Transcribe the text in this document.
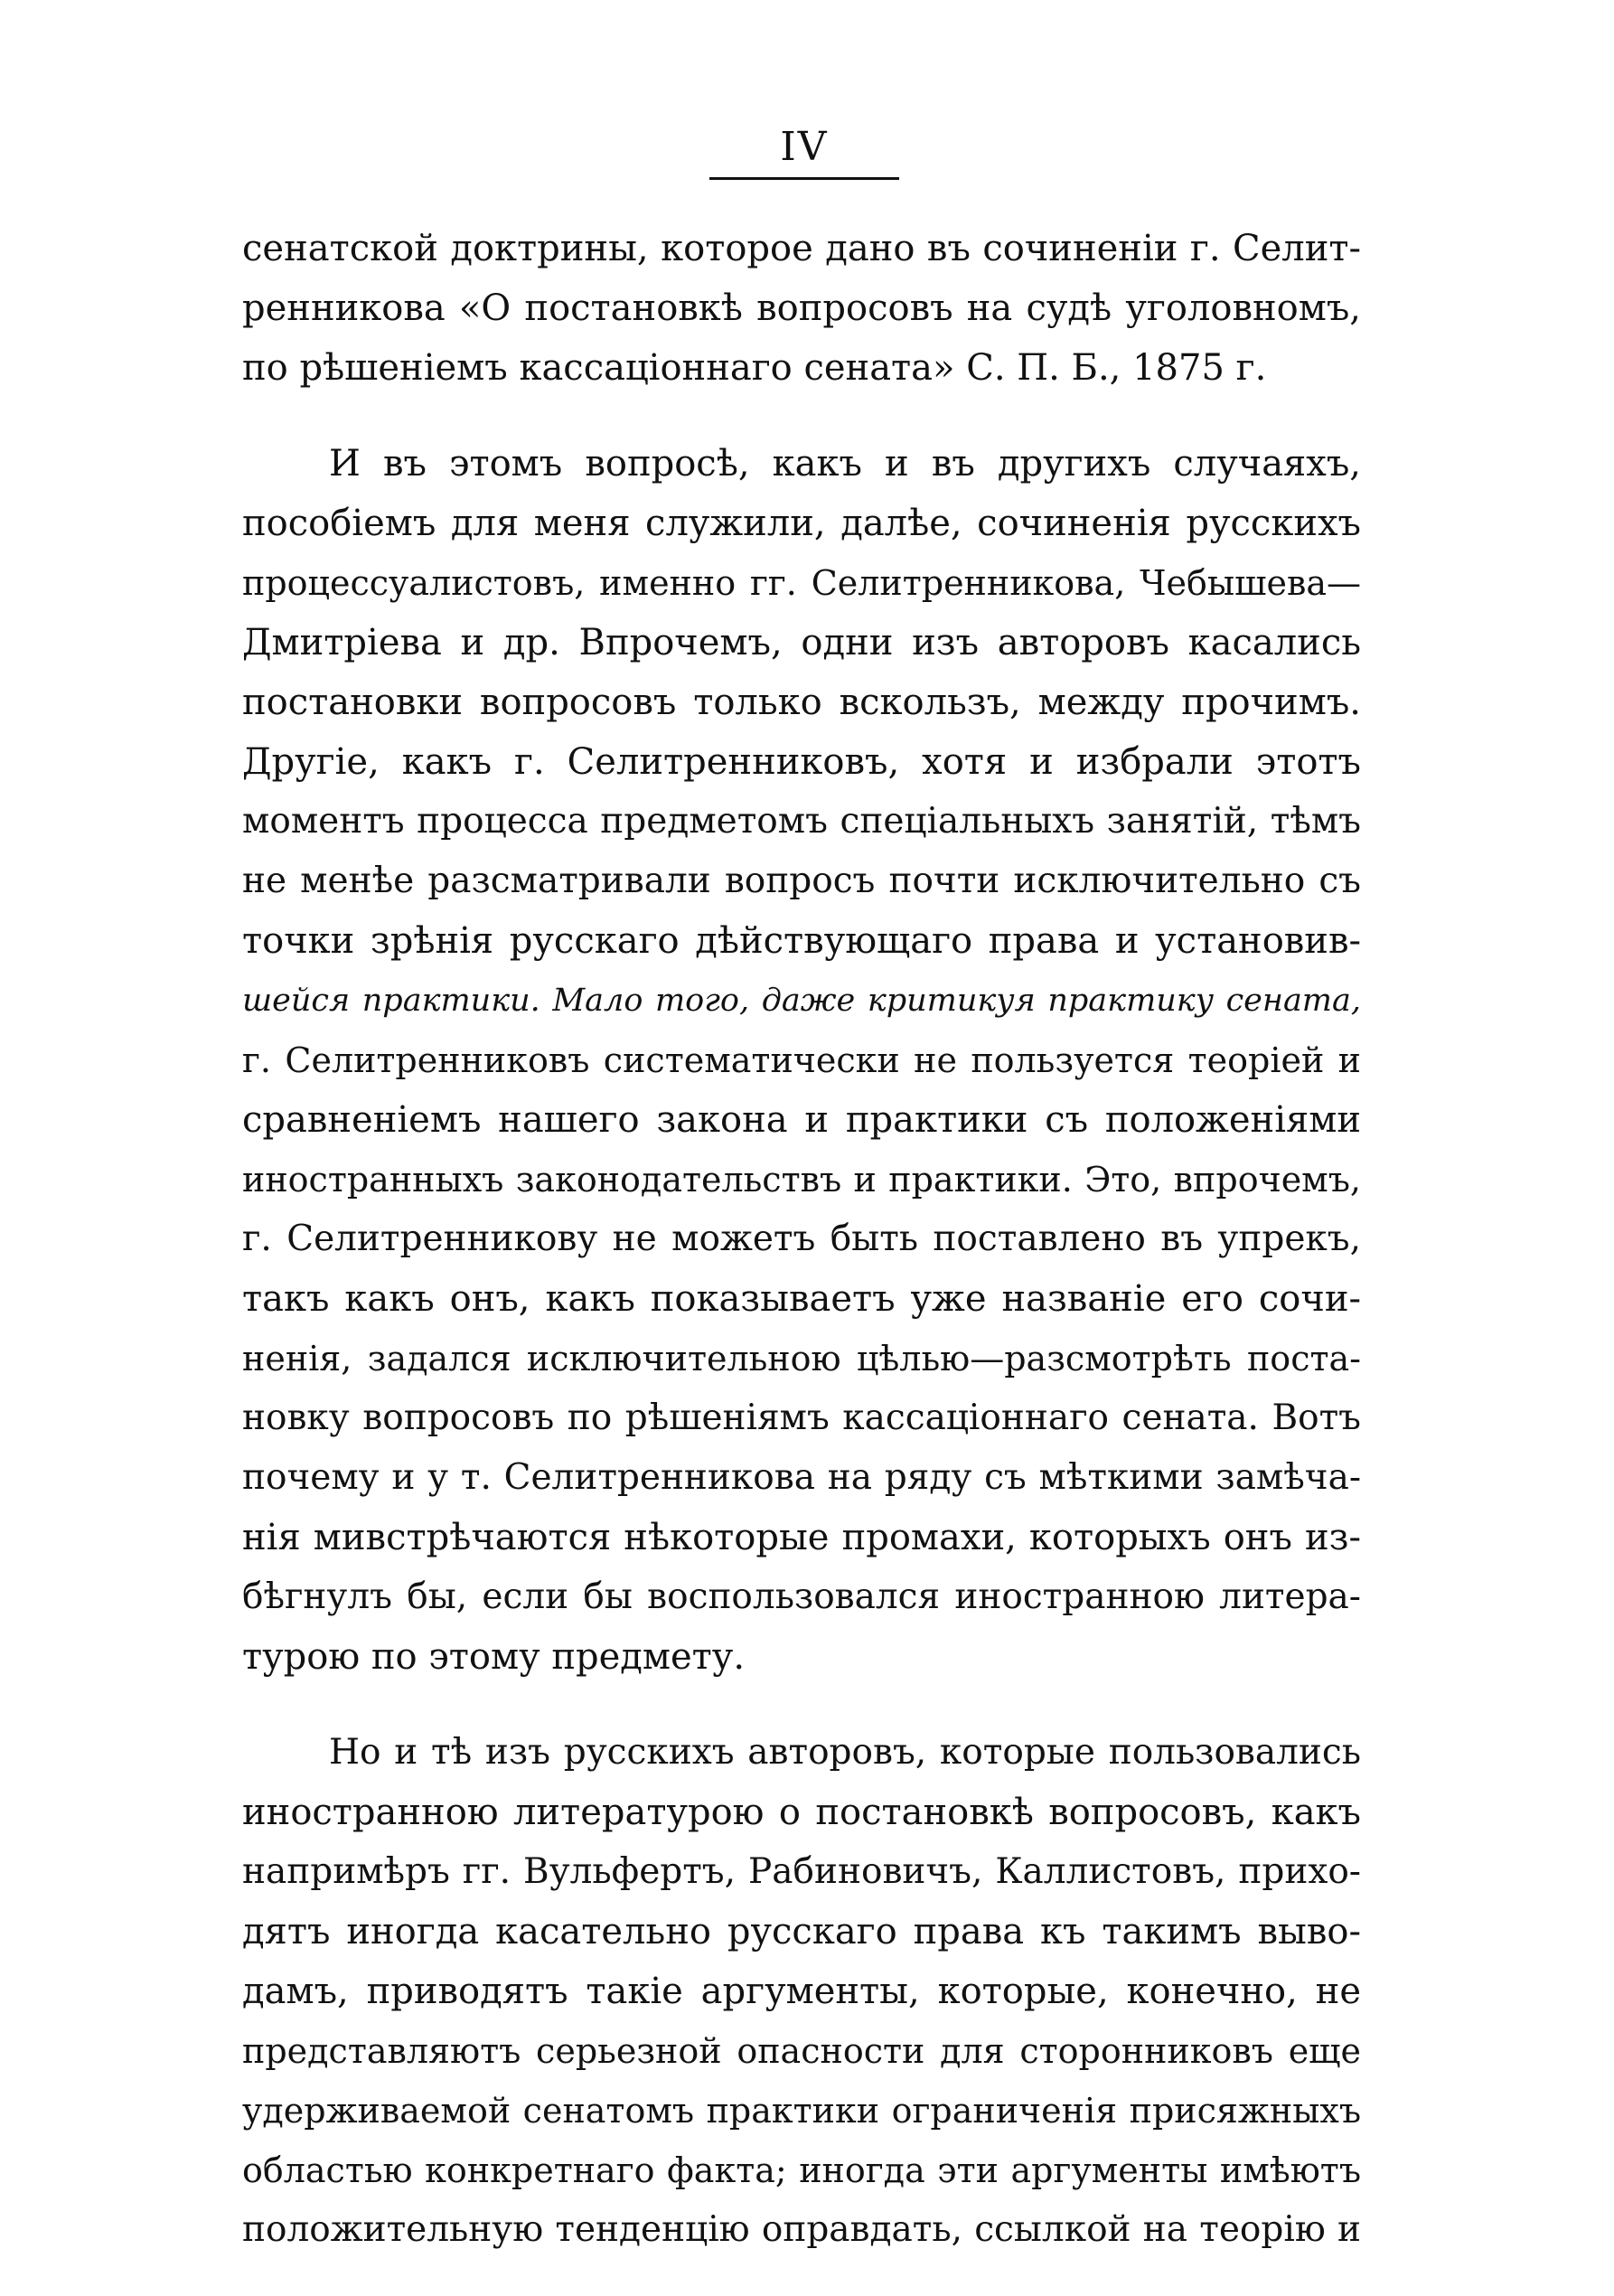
IV
сенатской доктрины, которое дано въ сочиненіи г. Селит-
ренникова «О постановкѣ вопросовъ на судѣ уголовномъ,
по рѣшеніемъ кассаціоннаго сената» С. П. Б., 1875 г.
И въ этомъ вопросѣ, какъ и въ другихъ случаяхъ,
пособіемъ для меня служили, далѣе, сочиненія русскихъ
процессуалистовъ, именно гг. Селитренникова, Чебышева—
Дмитріева и др. Впрочемъ, одни изъ авторовъ касались
постановки вопросовъ только вскользъ, между прочимъ.
Другіе, какъ г. Селитренниковъ, хотя и избрали этотъ
моментъ процесса предметомъ спеціальныхъ занятій, тѣмъ
не менѣе разсматривали вопросъ почти исключительно съ
точки зрѣнія русскаго дѣйствующаго права и установив-
шейся практики. Мало того, даже критикуя практику сената,
г. Селитренниковъ систематически не пользуется теоріей и
сравненіемъ нашего закона и практики съ положеніями
иностранныхъ законодательствъ и практики. Это, впрочемъ,
г. Селитренникову не можетъ быть поставлено въ упрекъ,
такъ какъ онъ, какъ показываетъ уже названіе его сочи-
ненія, задался исключительною цѣлью—разсмотрѣть поста-
новку вопросовъ по рѣшеніямъ кассаціоннаго сената. Вотъ
почему и у т. Селитренникова на ряду съ мѣткими замѣча-
нія мивстрѣчаются нѣкоторые промахи, которыхъ онъ из-
бѣгнулъ бы, если бы воспользовался иностранною литера-
турою по этому предмету.
Но и тѣ изъ русскихъ авторовъ, которые пользовались
иностранною литературою о постановкѣ вопросовъ, какъ
напримѣръ гг. Вульфертъ, Рабиновичъ, Каллистовъ, прихо-
дятъ иногда касательно русскаго права къ такимъ выво-
дамъ, приводятъ такіе аргументы, которые, конечно, не
представляютъ серьезной опасности для сторонниковъ еще
удерживаемой сенатомъ практики ограниченія присяжныхъ
областью конкретнаго факта; иногда эти аргументы имѣютъ
положительную тенденцію оправдать, ссылкой на теорію и
